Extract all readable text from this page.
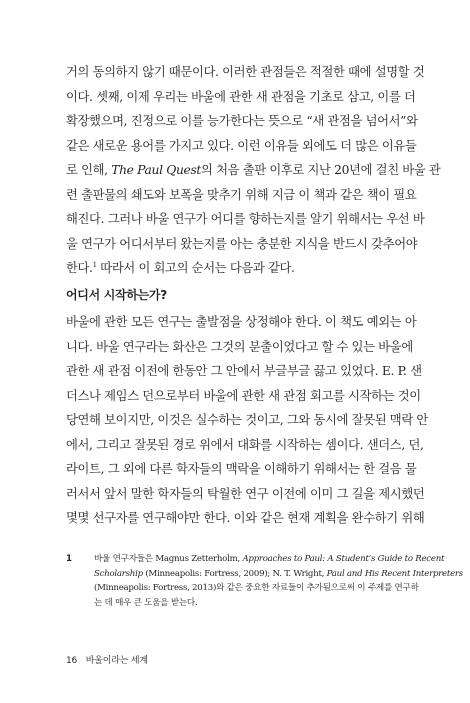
거의 동의하지 않기 때문이다. 이러한 관점들은 적절한 때에 설명할 것
이다. 셋째, 이제 우리는 바울에 관한 새 관점을 기초로 삼고, 이를 더
확장했으며, 진정으로 이를 능가한다는 뜻으로 “새 관점을 넘어서”와
같은 새로운 용어를 가지고 있다. 이런 이유들 외에도 더 많은 이유들
로 인해, The Paul Quest의 처음 출판 이후로 지난 20년에 걸친 바울 관
련 출판물의 쇄도와 보폭을 맞추기 위해 지금 이 책과 같은 책이 필요
해진다. 그러나 바울 연구가 어디를 향하는지를 알기 위해서는 우선 바
울 연구가 어디서부터 왔는지를 아는 충분한 지식을 반드시 갖추어야
한다.$^1$ 따라서 이 회고의 순서는 다음과 같다.

어디서 시작하는가?

바울에 관한 모든 연구는 출발점을 상정해야 한다. 이 책도 예외는 아
니다. 바울 연구라는 화산은 그것의 분출이었다고 할 수 있는 바울에
관한 새 관점 이전에 한동안 그 안에서 부글부글 끓고 있었다. E. P. 샌
더스나 제임스 던으로부터 바울에 관한 새 관점 회고를 시작하는 것이
당연해 보이지만, 이것은 실수하는 것이고, 그와 동시에 잘못된 맥락 안
에서, 그리고 잘못된 경로 위에서 대화를 시작하는 셈이다. 샌더스, 던,
라이트, 그 외에 다른 학자들의 맥락을 이해하기 위해서는 한 걸음 물
러서서 앞서 말한 학자들의 탁월한 연구 이전에 이미 그 길을 제시했던
몇몇 선구자를 연구해야만 한다. 이와 같은 현재 계획을 완수하기 위해

1	바울 연구자들은 Magnus Zetterholm, Approaches to Paul: A Student’s Guide to Recent
Scholarship (Minneapolis: Fortress, 2009); N. T. Wright, Paul and His Recent Interpreters
(Minneapolis: Fortress, 2013)와 같은 중요한 자료들이 추가됨으로써 이 주제를 연구하
는 데 매우 큰 도움을 받는다.
16 바울이라는 세계
